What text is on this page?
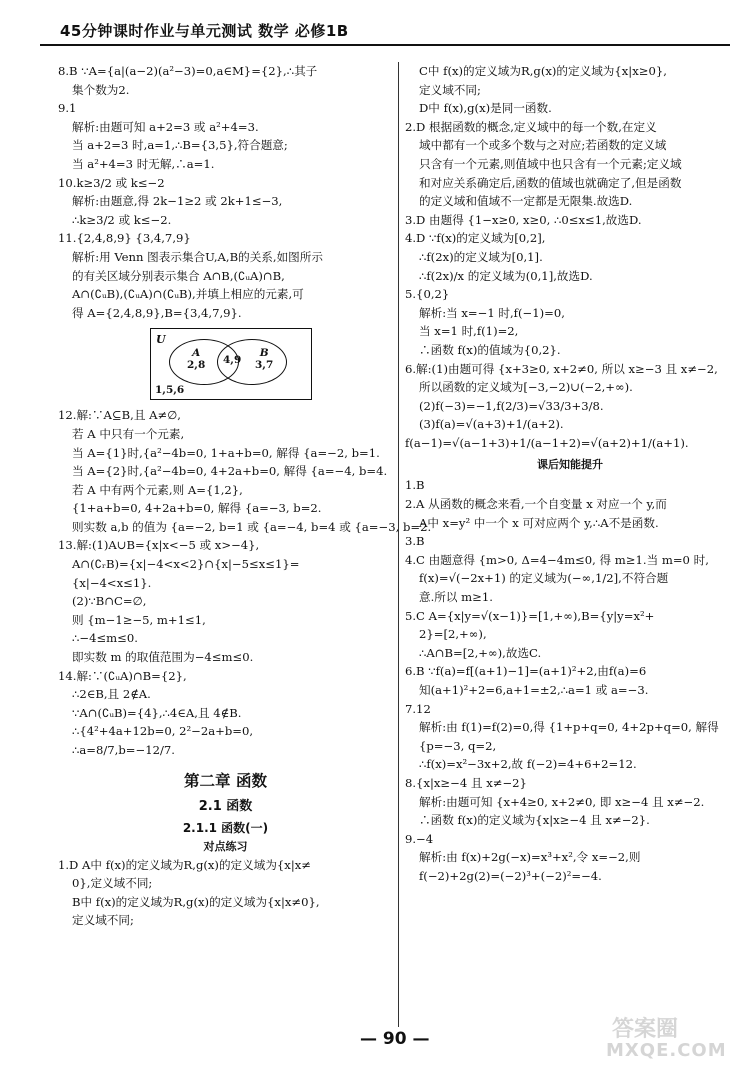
45分钟课时作业与单元测试 数学 必修1B
8.B ∵A={a|(a−2)(a²−3)=0,a∈M}={2},∴其子
集个数为2.
9.1
解析:由题可知 a+2=3 或 a²+4=3.
当 a+2=3 时,a=1,∴B={3,5},符合题意;
当 a²+4=3 时无解,∴a=1.
10.k≥3/2 或 k≤−2
解析:由题意,得 2k−1≥2 或 2k+1≤−3,
∴k≥3/2 或 k≤−2.
11.{2,4,8,9} {3,4,7,9}
解析:用 Venn 图表示集合U,A,B的关系,如图所示
的有关区域分别表示集合 A∩B,(∁ᵤA)∩B,
A∩(∁ᵤB),(∁ᵤA)∩(∁ᵤB),并填上相应的元素,可
得 A={2,4,8,9},B={3,4,7,9}.
U
A
2,8 4,9
B
3,7
1,5,6
12.解:∵A⊆B,且 A≠∅,
若 A 中只有一个元素,
当 A={1}时,{a²−4b=0, 1+a+b=0, 解得 {a=−2, b=1.
当 A={2}时,{a²−4b=0, 4+2a+b=0, 解得 {a=−4, b=4.
若 A 中有两个元素,则 A={1,2},
{1+a+b=0, 4+2a+b=0, 解得 {a=−3, b=2.
则实数 a,b 的值为 {a=−2, b=1 或 {a=−4, b=4 或 {a=−3, b=2.
13.解:(1)A∪B={x|x<−5 或 x>−4},
A∩(∁ᵣB)={x|−4<x<2}∩{x|−5≤x≤1}=
{x|−4<x≤1}.
(2)∵B∩C=∅,
则 {m−1≥−5, m+1≤1,
∴−4≤m≤0.
即实数 m 的取值范围为−4≤m≤0.
14.解:∵(∁ᵤA)∩B={2},
∴2∈B,且 2∉A.
∵A∩(∁ᵤB)={4},∴4∈A,且 4∉B.
∴{4²+4a+12b=0, 2²−2a+b=0,
∴a=8/7,b=−12/7.
第二章 函数
2.1 函数
2.1.1 函数(一)
对点练习
1.D A中 f(x)的定义域为R,g(x)的定义域为{x|x≠
0},定义域不同;
B中 f(x)的定义域为R,g(x)的定义域为{x|x≠0},
定义域不同;
C中 f(x)的定义域为R,g(x)的定义域为{x|x≥0},
定义域不同;
D中 f(x),g(x)是同一函数.
2.D 根据函数的概念,定义域中的每一个数,在定义
域中都有一个或多个数与之对应;若函数的定义域
只含有一个元素,则值域中也只含有一个元素;定义域
和对应关系确定后,函数的值域也就确定了,但是函数
的定义域和值域不一定都是无限集.故选D.
3.D 由题得 {1−x≥0, x≥0, ∴0≤x≤1,故选D.
4.D ∵f(x)的定义域为[0,2],
∴f(2x)的定义域为[0,1].
∴f(2x)/x 的定义域为(0,1],故选D.
5.{0,2}
解析:当 x=−1 时,f(−1)=0,
当 x=1 时,f(1)=2,
∴函数 f(x)的值域为{0,2}.
6.解:(1)由题可得 {x+3≥0, x+2≠0, 所以 x≥−3 且 x≠−2,
所以函数的定义域为[−3,−2)∪(−2,+∞).
(2)f(−3)=−1,f(2/3)=√33/3+3/8.
(3)f(a)=√(a+3)+1/(a+2).
f(a−1)=√(a−1+3)+1/(a−1+2)=√(a+2)+1/(a+1).
课后知能提升
1.B
2.A 从函数的概念来看,一个自变量 x 对应一个 y,而
A中 x=y² 中一个 x 可对应两个 y,∴A不是函数.
3.B
4.C 由题意得 {m>0, Δ=4−4m≤0, 得 m≥1.当 m=0 时,
f(x)=√(−2x+1) 的定义域为(−∞,1/2],不符合题
意.所以 m≥1.
5.C A={x|y=√(x−1)}=[1,+∞),B={y|y=x²+
2}=[2,+∞),
∴A∩B=[2,+∞),故选C.
6.B ∵f(a)=f[(a+1)−1]=(a+1)²+2,由f(a)=6
知(a+1)²+2=6,a+1=±2,∴a=1 或 a=−3.
7.12
解析:由 f(1)=f(2)=0,得 {1+p+q=0, 4+2p+q=0, 解得
{p=−3, q=2,
∴f(x)=x²−3x+2,故 f(−2)=4+6+2=12.
8.{x|x≥−4 且 x≠−2}
解析:由题可知 {x+4≥0, x+2≠0, 即 x≥−4 且 x≠−2.
∴函数 f(x)的定义域为{x|x≥−4 且 x≠−2}.
9.−4
解析:由 f(x)+2g(−x)=x³+x²,令 x=−2,则
f(−2)+2g(2)=(−2)³+(−2)²=−4.
— 90 —	答案圈
MXQE.COM
